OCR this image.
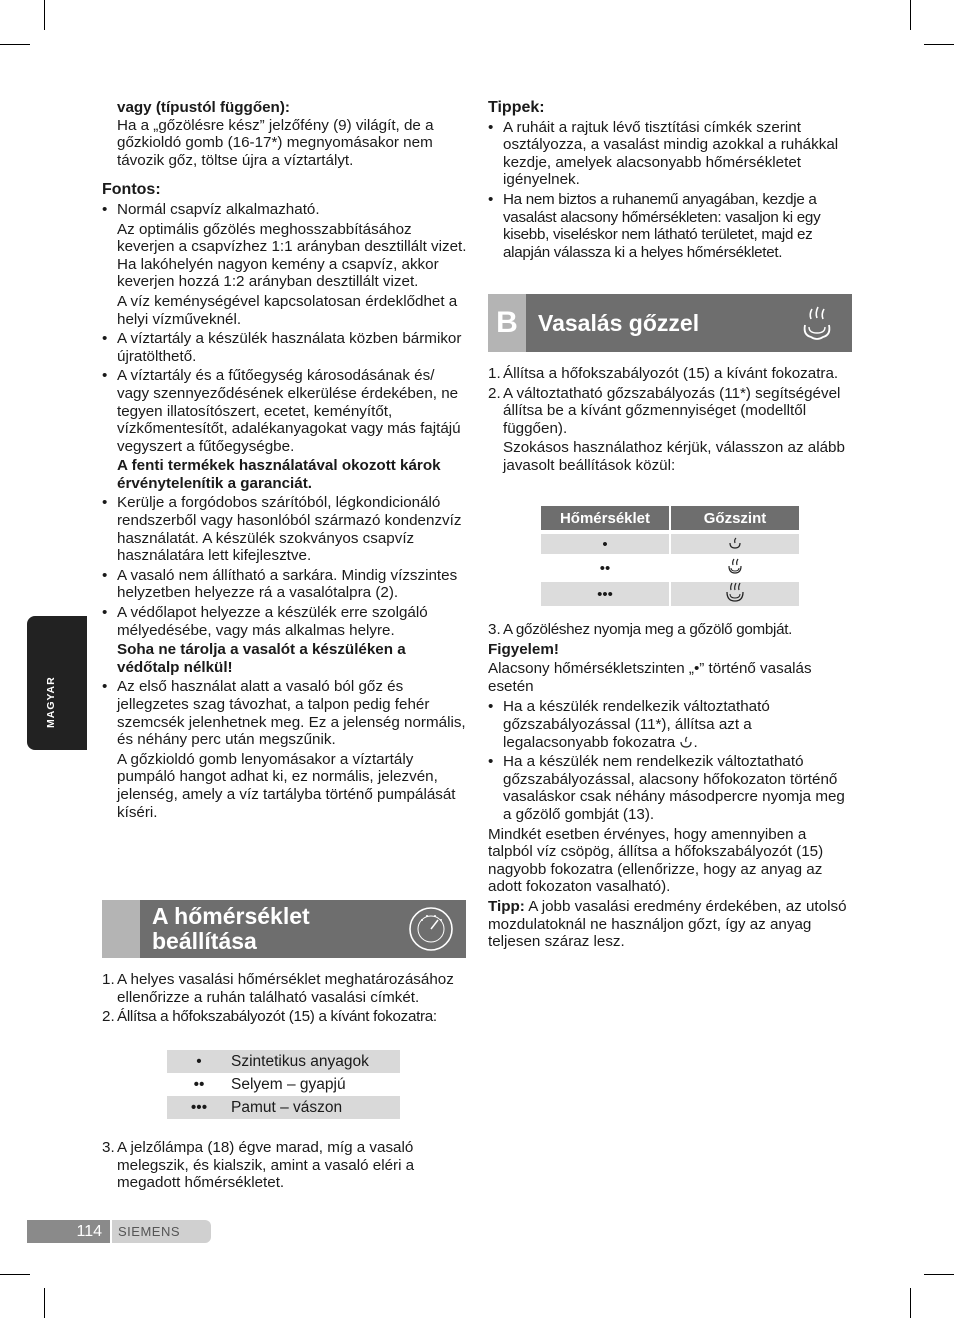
vagy (típustól függően):

Ha a „gőzölésre kész” jelzőfény (9) világít, de a gőzkioldó gomb (16-17*) megnyomásakor nem távozik gőz, töltse újra a víztartályt.

Fontos:

• Normál csapvíz alkalmazható.

Az optimális gőzölés meghosszabbításához keverjen a csapvízhez 1:1 arányban desztillált vizet. Ha lakóhelyén nagyon kemény a csapvíz, akkor keverjen hozzá 1:2 arányban desztillált vizet.

A víz keménységével kapcsolatosan érdeklődhet a helyi vízműveknél.

• A víztartály a készülék használata közben bármikor újratölthető.

• A víztartály és a fűtőegység károsodásának és/ vagy szennyeződésének elkerülése érdekében, ne tegyen illatosítószert, ecetet, keményítőt, vízkőmentesítőt, adalékanyagokat vagy más fajtájú vegyszert a fűtőegységbe.

A fenti termékek használatával okozott károk érvénytelenítik a garanciát.

• Kerülje a forgódobos szárítóból, légkondicionáló rendszerből vagy hasonlóból származó kondenzvíz használatát. A készülék szokványos csapvíz használatára lett kifejlesztve.

• A vasaló nem állítható a sarkára. Mindig vízszintes helyzetben helyezze rá a vasalótalpra (2).

• A védőlapot helyezze a készülék erre szolgáló mélyedésébe, vagy más alkalmas helyre.

Soha ne tárolja a vasalót a készüléken a védőtalp nélkül!

• Az első használat alatt a vasaló ból gőz és jellegzetes szag távozhat, a talpon pedig fehér szemcsék jelenhetnek meg. Ez a jelenség normális, és néhány perc után megszűnik.

A gőzkioldó gomb lenyomásakor a víztartály pumpáló hangot adhat ki, ez normális, jelezvén, jelenség, amely a víz tartályba történő pumpálását kíséri.

A hőmérséklet
beállítása
1. A helyes vasalási hőmérséklet meghatározásához ellenőrizze a ruhán található vasalási címkét.
2. Állítsa a hőfokszabályozót (15) a kívánt fokozatra:
•	Szintetikus anyagok
••	Selyem – gyapjú
•••	Pamut – vászon
3. A jelzőlámpa (18) égve marad, míg a vasaló melegszik, és kialszik, amint a vasaló eléri a megadott hőmérsékletet.

Tippek:

• A ruháit a rajtuk lévő tisztítási címkék szerint osztályozza, a vasalást mindig azokkal a ruhákkal kezdje, amelyek alacsonyabb hőmérsékletet igényelnek.

• Ha nem biztos a ruhanemű anyagában, kezdje a vasalást alacsony hőmérsékleten: vasaljon ki egy kisebb, viseléskor nem látható területet, majd ez alapján válassza ki a helyes hőmérsékletet.

B Vasalás gőzzel
1. Állítsa a hőfokszabályozót (15) a kívánt fokozatra.
2. A változtatható gőzszabályozás (11*) segítségével állítsa be a kívánt gőzmennyiséget (modelltől függően).

Szokásos használathoz kérjük, válasszon az alább javasolt beállítások közül:

Hőmérséklet	Gőzszint
•	
••	
•••	
3. A gőzöléshez nyomja meg a gőzölő gombját.

Figyelem!

Alacsony hőmérsékletszinten „•” történő vasalás esetén

• Ha a készülék rendelkezik változtatható gőzszabályozással (11*), állítsa azt a legalacsonyabb fokozatra .

• Ha a készülék nem rendelkezik változtatható gőzszabályozással, alacsony hőfokozaton történő vasaláskor csak néhány másodpercre nyomja meg a gőzölő gombját (13).

Mindkét esetben érvényes, hogy amennyiben a talpból víz csöpög, állítsa a hőfokszabályozót (15) nagyobb fokozatra (ellenőrizze, hogy az anyag az adott fokozaton vasalható).

Tipp: A jobb vasalási eredmény érdekében, az utolsó mozdulatoknál ne használjon gőzt, így az anyag teljesen száraz lesz.

MAGYAR
114	SIEMENS
